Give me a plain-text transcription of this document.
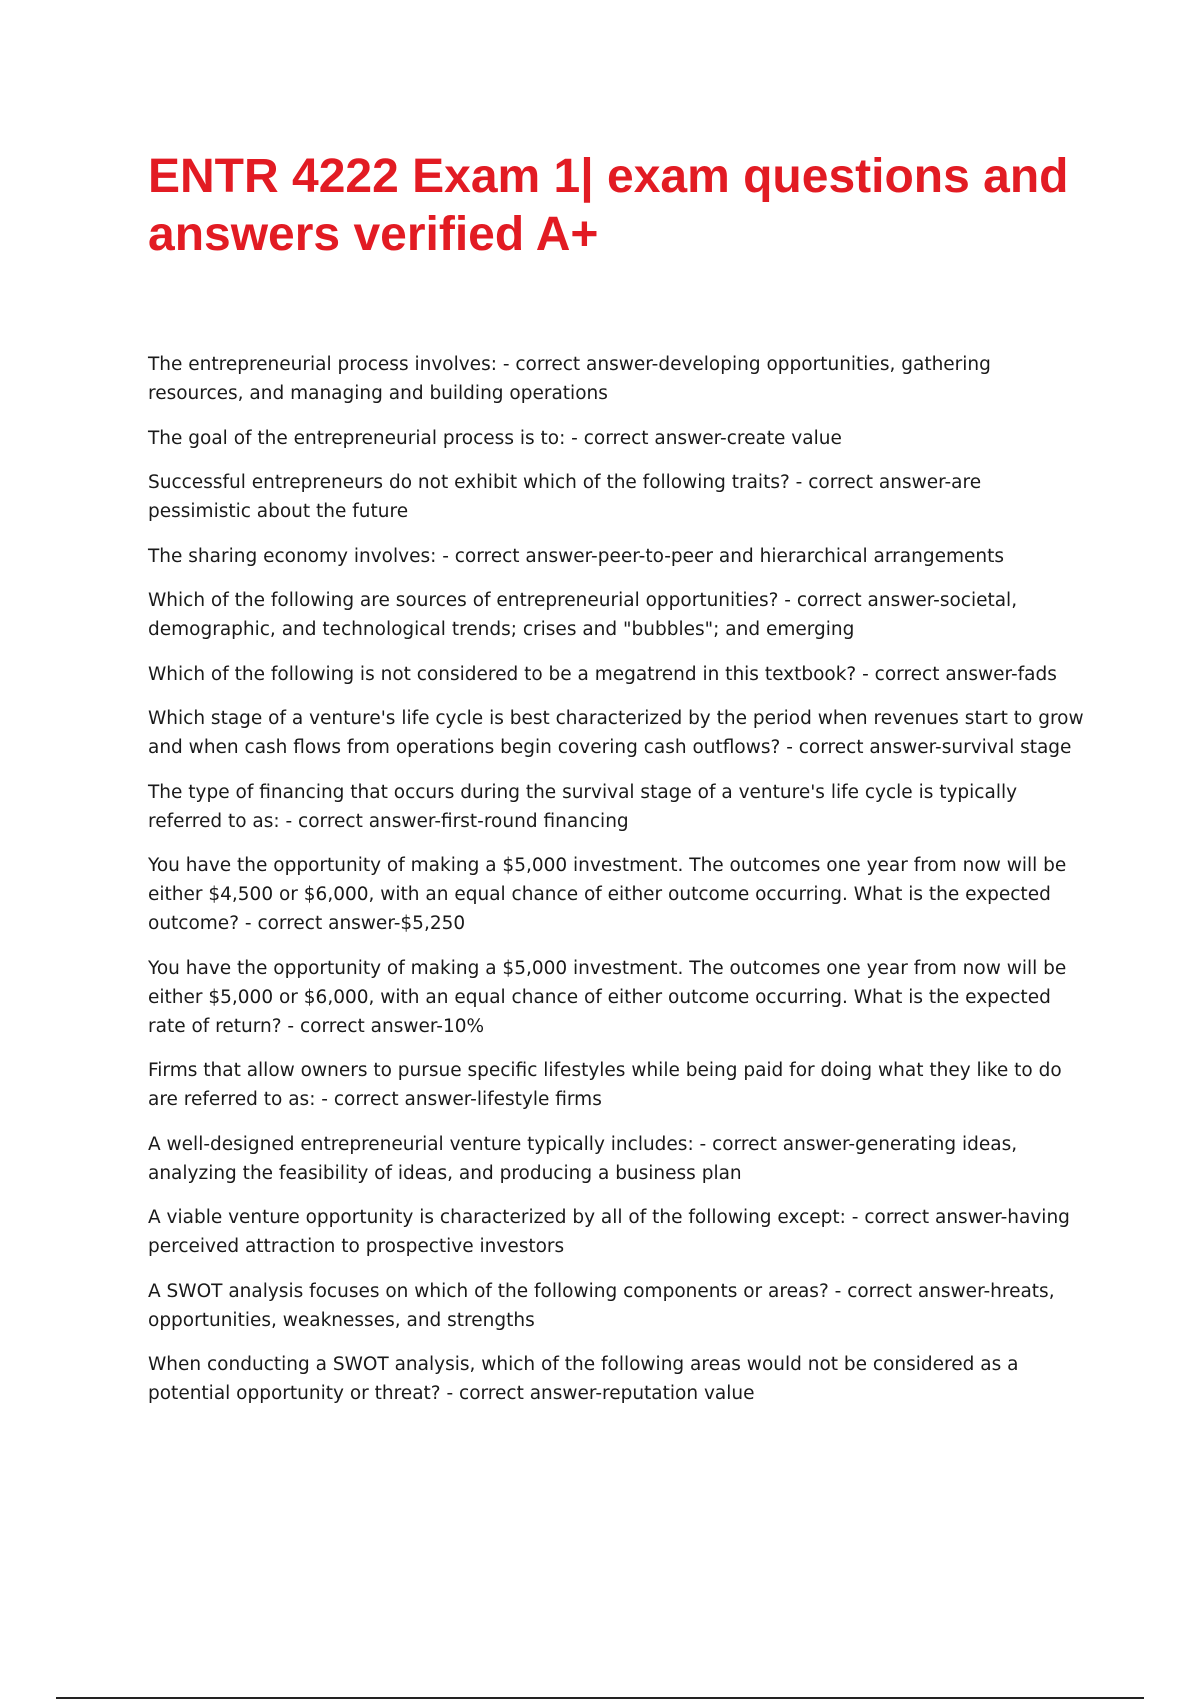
ENTR 4222 Exam 1| exam questions and answers verified A+
The entrepreneurial process involves: - correct answer-developing opportunities, gathering resources, and managing and building operations
The goal of the entrepreneurial process is to: - correct answer-create value
Successful entrepreneurs do not exhibit which of the following traits? - correct answer-are pessimistic about the future
The sharing economy involves: - correct answer-peer-to-peer and hierarchical arrangements
Which of the following are sources of entrepreneurial opportunities? - correct answer-societal, demographic, and technological trends; crises and "bubbles"; and emerging
Which of the following is not considered to be a megatrend in this textbook? - correct answer-fads
Which stage of a venture's life cycle is best characterized by the period when revenues start to grow and when cash flows from operations begin covering cash outflows? - correct answer-survival stage
The type of financing that occurs during the survival stage of a venture's life cycle is typically referred to as: - correct answer-first-round financing
You have the opportunity of making a $5,000 investment. The outcomes one year from now will be either $4,500 or $6,000, with an equal chance of either outcome occurring. What is the expected outcome? - correct answer-$5,250
You have the opportunity of making a $5,000 investment. The outcomes one year from now will be either $5,000 or $6,000, with an equal chance of either outcome occurring. What is the expected rate of return? - correct answer-10%
Firms that allow owners to pursue specific lifestyles while being paid for doing what they like to do are referred to as: - correct answer-lifestyle firms
A well-designed entrepreneurial venture typically includes: - correct answer-generating ideas, analyzing the feasibility of ideas, and producing a business plan
A viable venture opportunity is characterized by all of the following except: - correct answer-having perceived attraction to prospective investors
A SWOT analysis focuses on which of the following components or areas? - correct answer-hreats, opportunities, weaknesses, and strengths
When conducting a SWOT analysis, which of the following areas would not be considered as a potential opportunity or threat? - correct answer-reputation value
